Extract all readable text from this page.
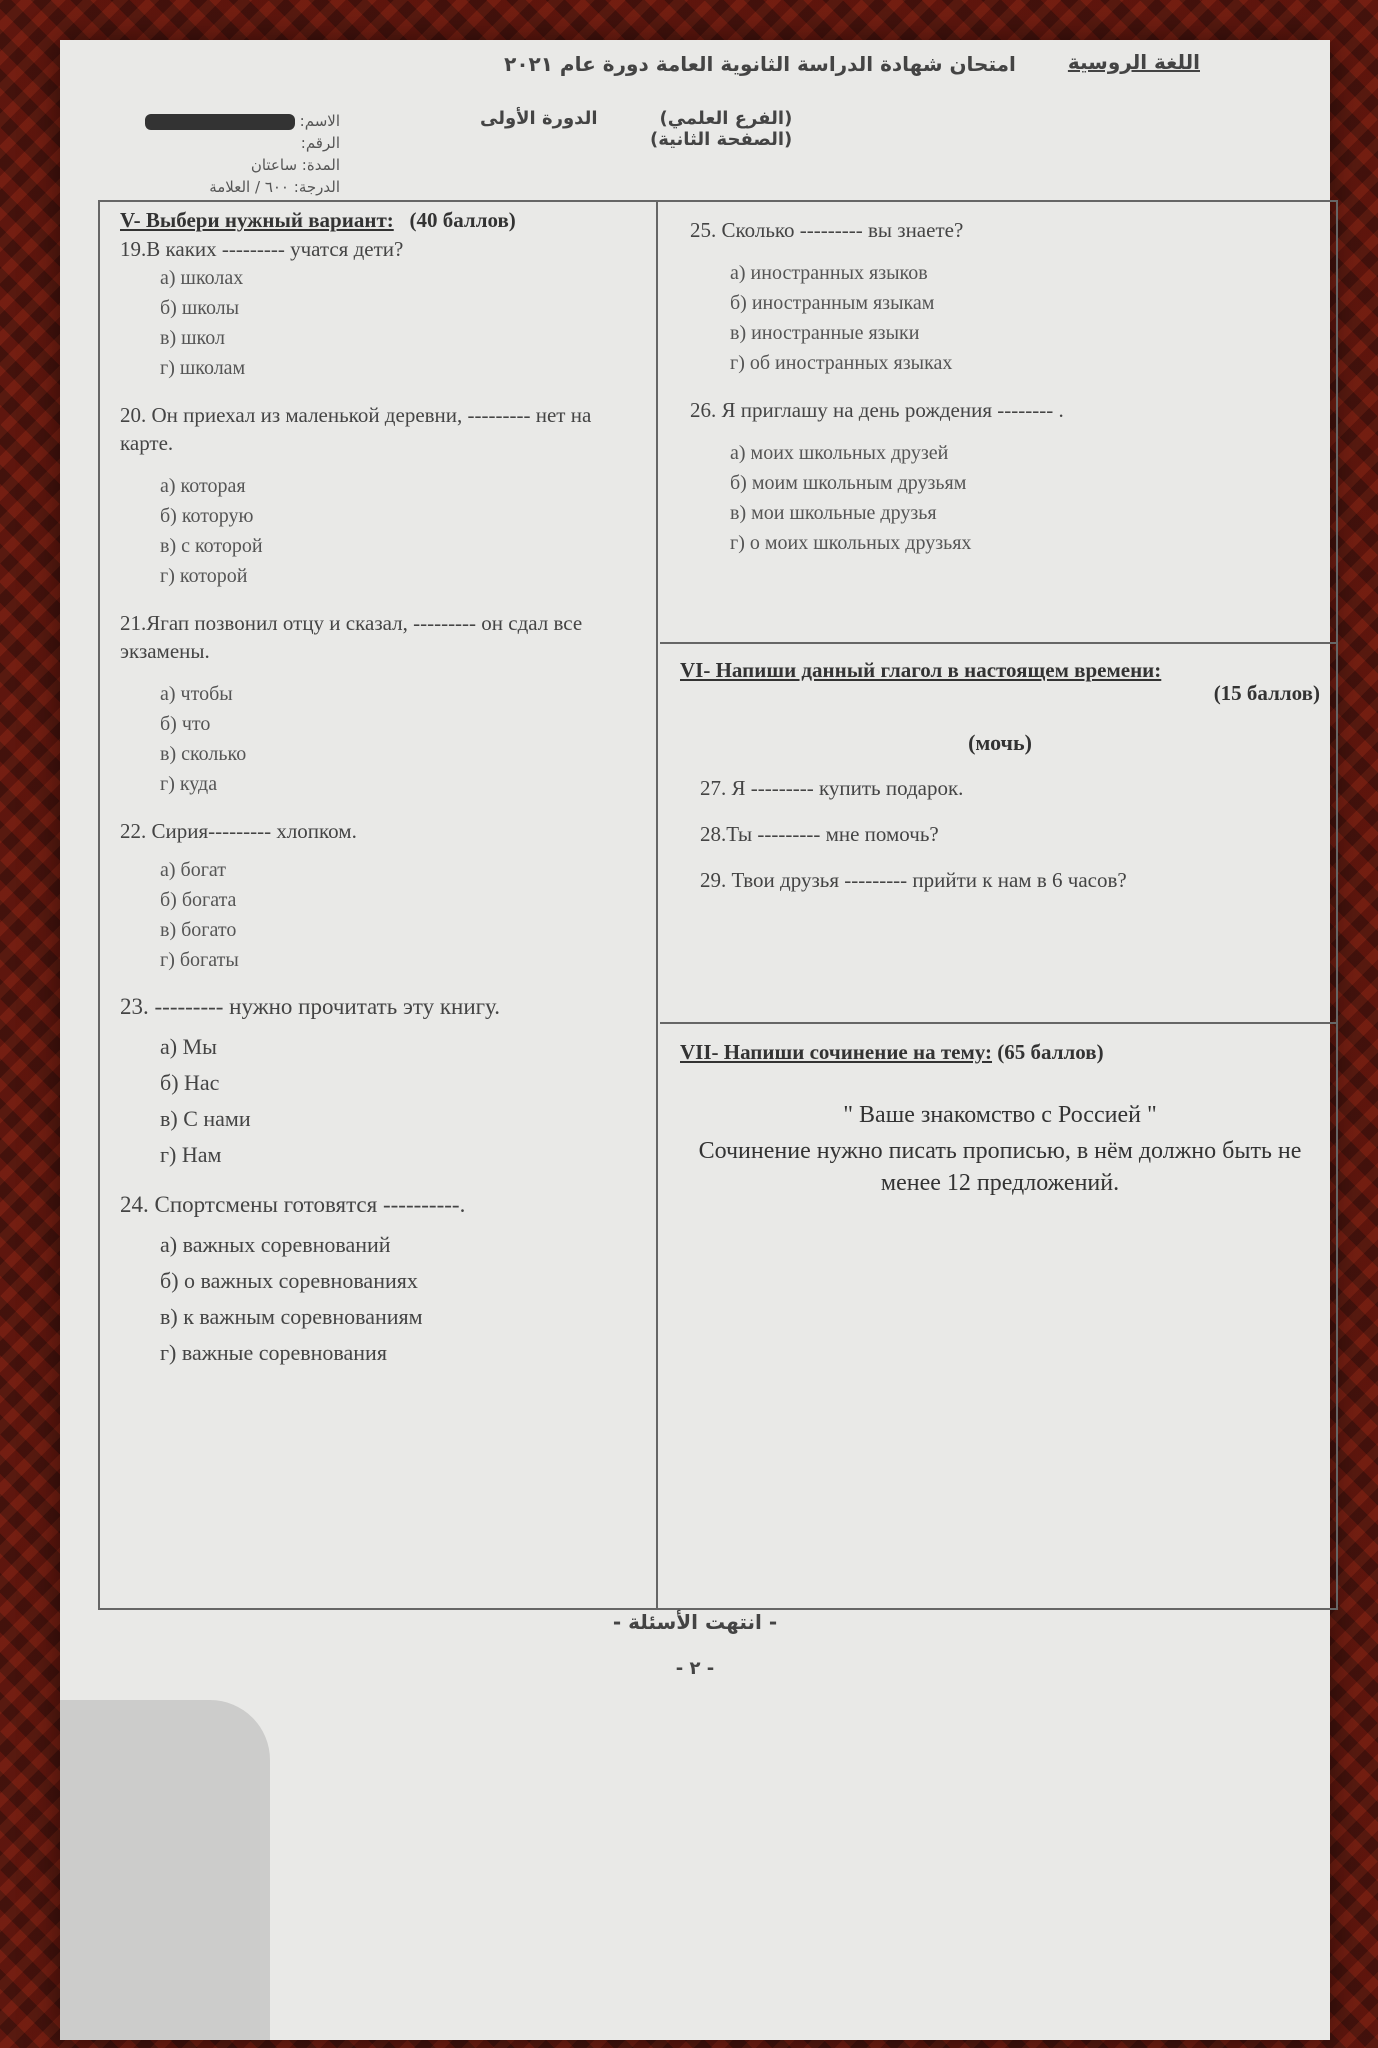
امتحان شهادة الدراسة الثانوية العامة دورة عام ٢٠٢١	اللغة الروسية
(الفرع العلمي)
(الصفحة الثانية)
الدورة الأولى
الاسم:
الرقم:
المدة: ساعتان
الدرجة: ٦٠٠ / العلامة
V- Выбери нужный вариант: (40 баллов)
19.В каких --------- учатся дети?
а) школах
б) школы
в) школ
г) школам
20. Он приехал из маленькой деревни, --------- нет на карте.
а) которая
б) которую
в) с которой
г) которой
21.Ягап позвонил отцу и сказал, --------- он сдал все экзамены.
а) чтобы
б) что
в) сколько
г) куда
22. Сирия--------- хлопком.
а) богат
б) богата
в) богато
г) богаты
23. --------- нужно прочитать эту книгу.
а) Мы
б) Нас
в) С нами
г) Нам
24. Спортсмены готовятся ----------.
а) важных соревнований
б) о важных соревнованиях
в) к важным соревнованиям
г) важные соревнования
25. Сколько --------- вы знаете?
а) иностранных языков
б) иностранным языкам
в) иностранные языки
г) об иностранных языках
26. Я приглашу на день рождения -------- .
а) моих школьных друзей
б) моим школьным друзьям
в) мои школьные друзья
г) о моих школьных друзьях
VI- Напиши данный глагол в настоящем времени:
(15 баллов)
(мочь)
27. Я --------- купить подарок.
28.Ты --------- мне помочь?
29. Твои друзья --------- прийти к нам в 6 часов?
VII- Напиши сочинение на тему: (65 баллов)
" Ваше знакомство с Россией "
Сочинение нужно писать прописью, в нём должно быть не менее 12 предложений.
- انتهت الأسئلة -
- ٢ -
